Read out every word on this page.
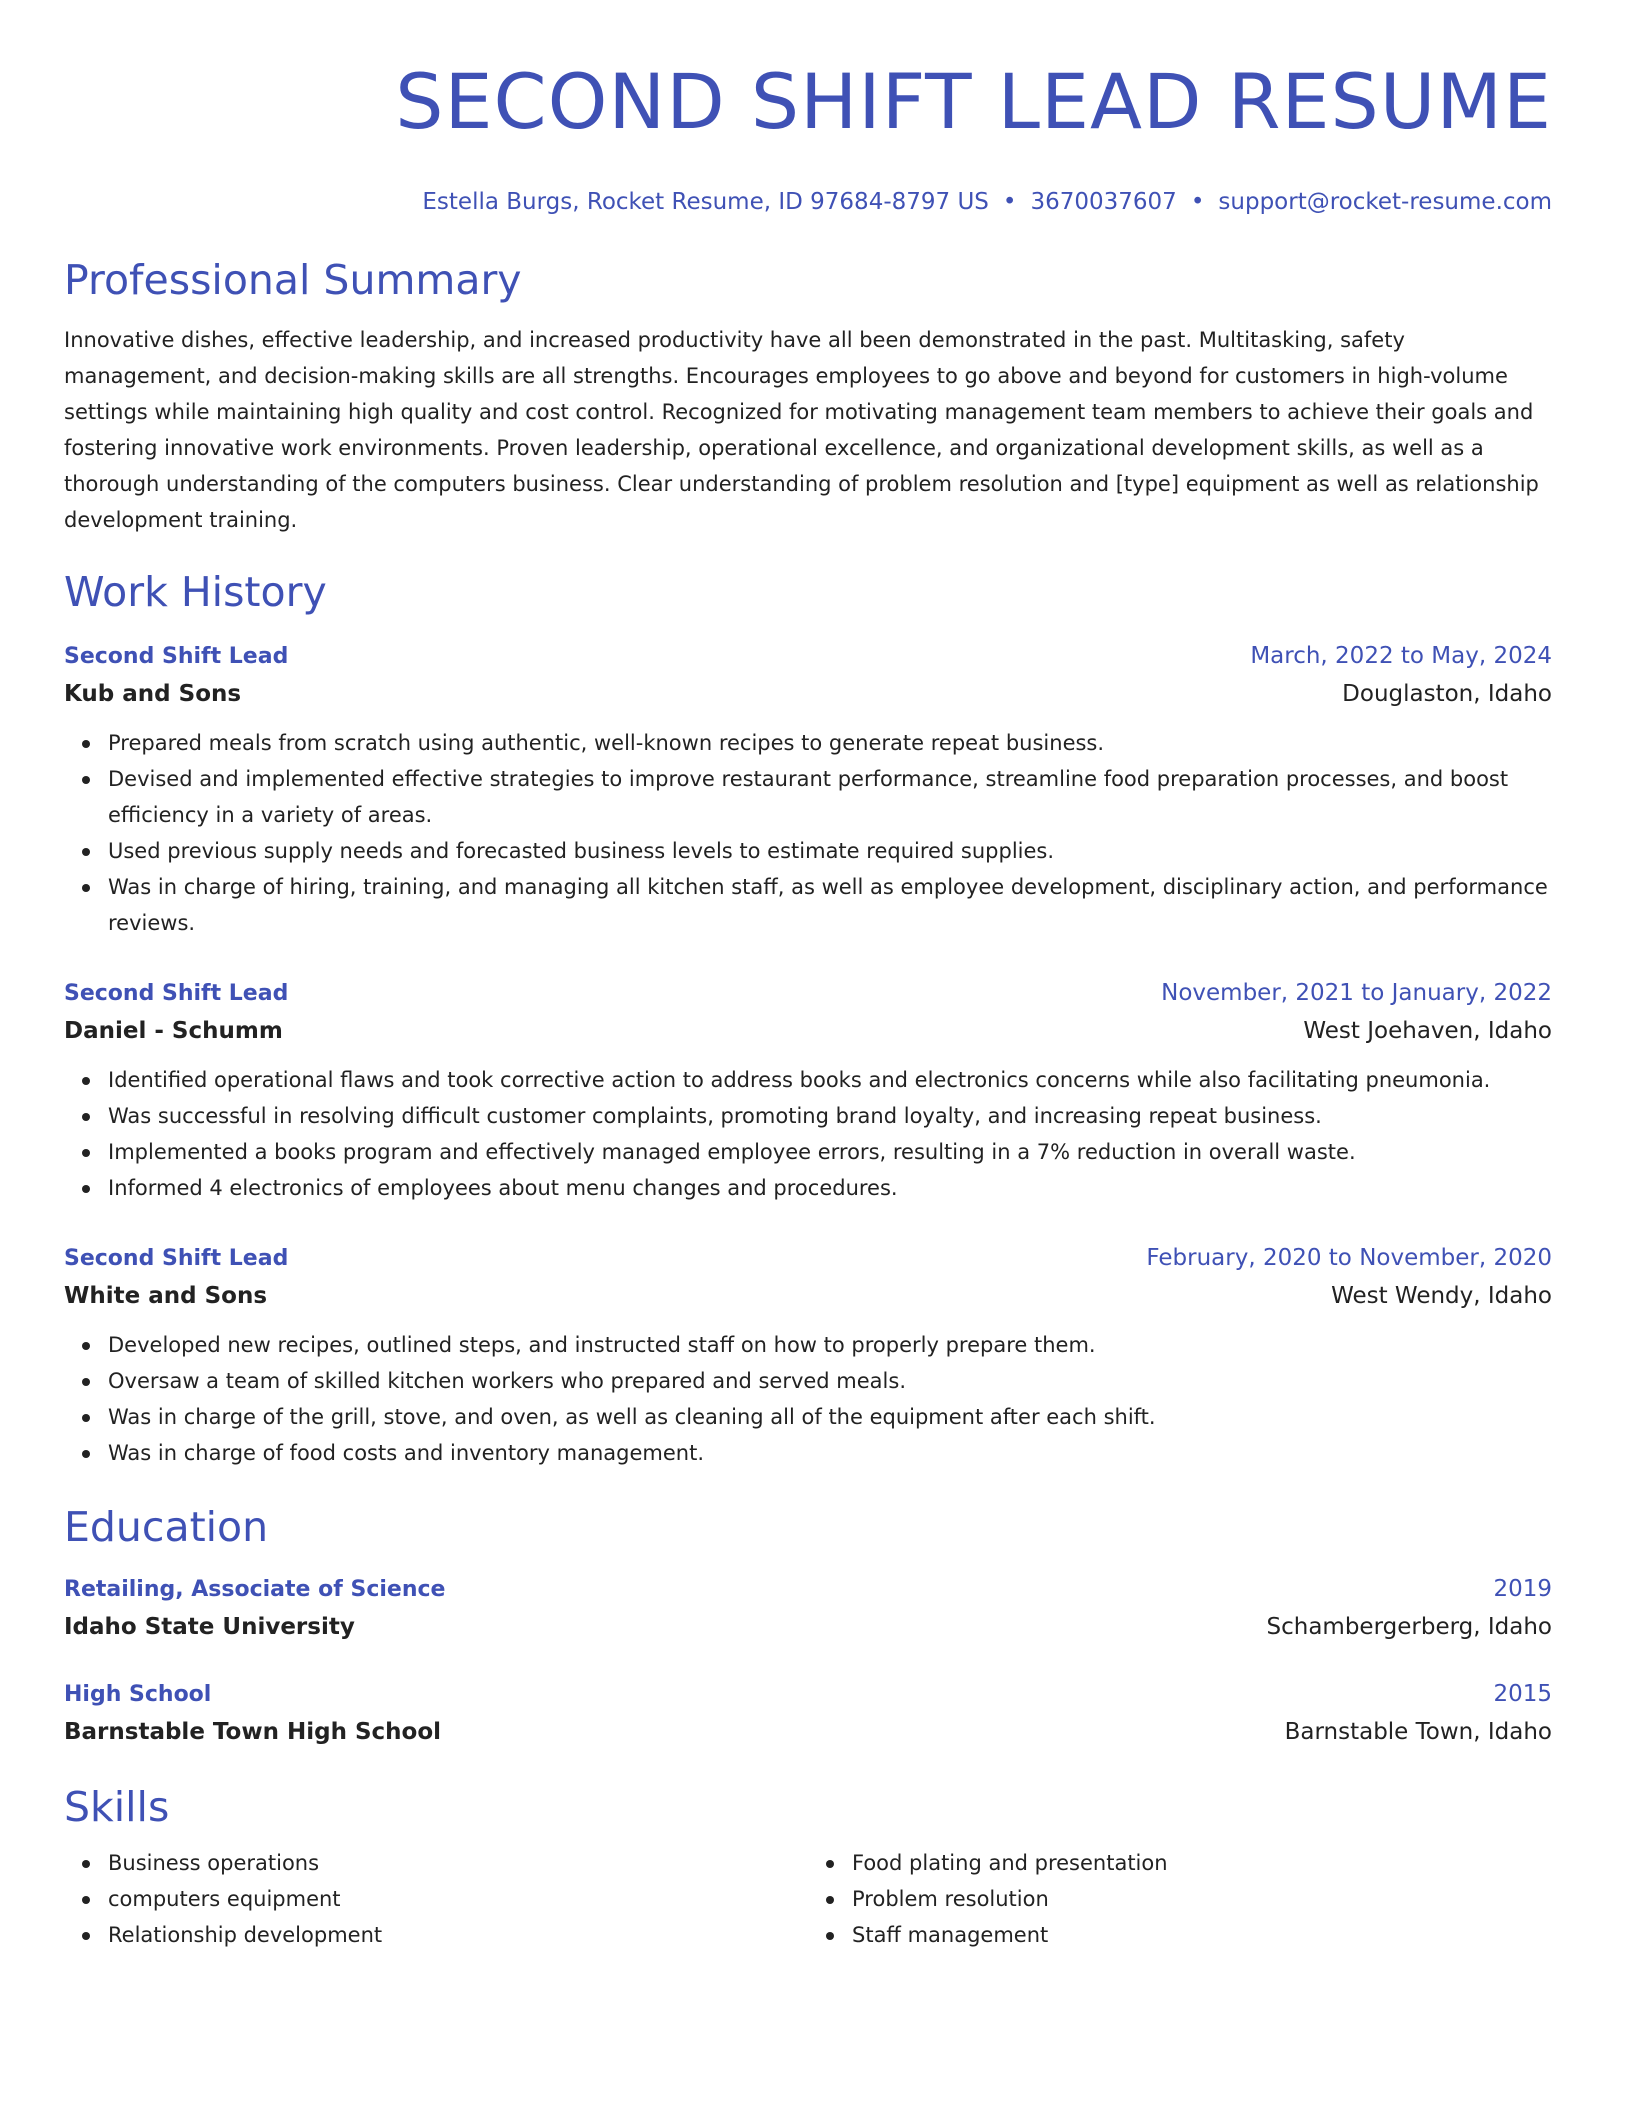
SECOND SHIFT LEAD RESUME
Estella Burgs, Rocket Resume, ID 97684-8797 US • 3670037607 • support@rocket-resume.com
Professional Summary
Innovative dishes, effective leadership, and increased productivity have all been demonstrated in the past. Multitasking, safety management, and decision-making skills are all strengths. Encourages employees to go above and beyond for customers in high-volume settings while maintaining high quality and cost control. Recognized for motivating management team members to achieve their goals and fostering innovative work environments. Proven leadership, operational excellence, and organizational development skills, as well as a thorough understanding of the computers business. Clear understanding of problem resolution and [type] equipment as well as relationship development training.
Work History
Second Shift Lead	March, 2022 to May, 2024
Kub and Sons	Douglaston, Idaho
Prepared meals from scratch using authentic, well-known recipes to generate repeat business.
Devised and implemented effective strategies to improve restaurant performance, streamline food preparation processes, and boost efficiency in a variety of areas.
Used previous supply needs and forecasted business levels to estimate required supplies.
Was in charge of hiring, training, and managing all kitchen staff, as well as employee development, disciplinary action, and performance reviews.
Second Shift Lead	November, 2021 to January, 2022
Daniel - Schumm	West Joehaven, Idaho
Identified operational flaws and took corrective action to address books and electronics concerns while also facilitating pneumonia.
Was successful in resolving difficult customer complaints, promoting brand loyalty, and increasing repeat business.
Implemented a books program and effectively managed employee errors, resulting in a 7% reduction in overall waste.
Informed 4 electronics of employees about menu changes and procedures.
Second Shift Lead	February, 2020 to November, 2020
White and Sons	West Wendy, Idaho
Developed new recipes, outlined steps, and instructed staff on how to properly prepare them.
Oversaw a team of skilled kitchen workers who prepared and served meals.
Was in charge of the grill, stove, and oven, as well as cleaning all of the equipment after each shift.
Was in charge of food costs and inventory management.
Education
Retailing, Associate of Science	2019
Idaho State University	Schambergerberg, Idaho
High School	2015
Barnstable Town High School	Barnstable Town, Idaho
Skills
Business operations
computers equipment
Relationship development
Food plating and presentation
Problem resolution
Staff management
